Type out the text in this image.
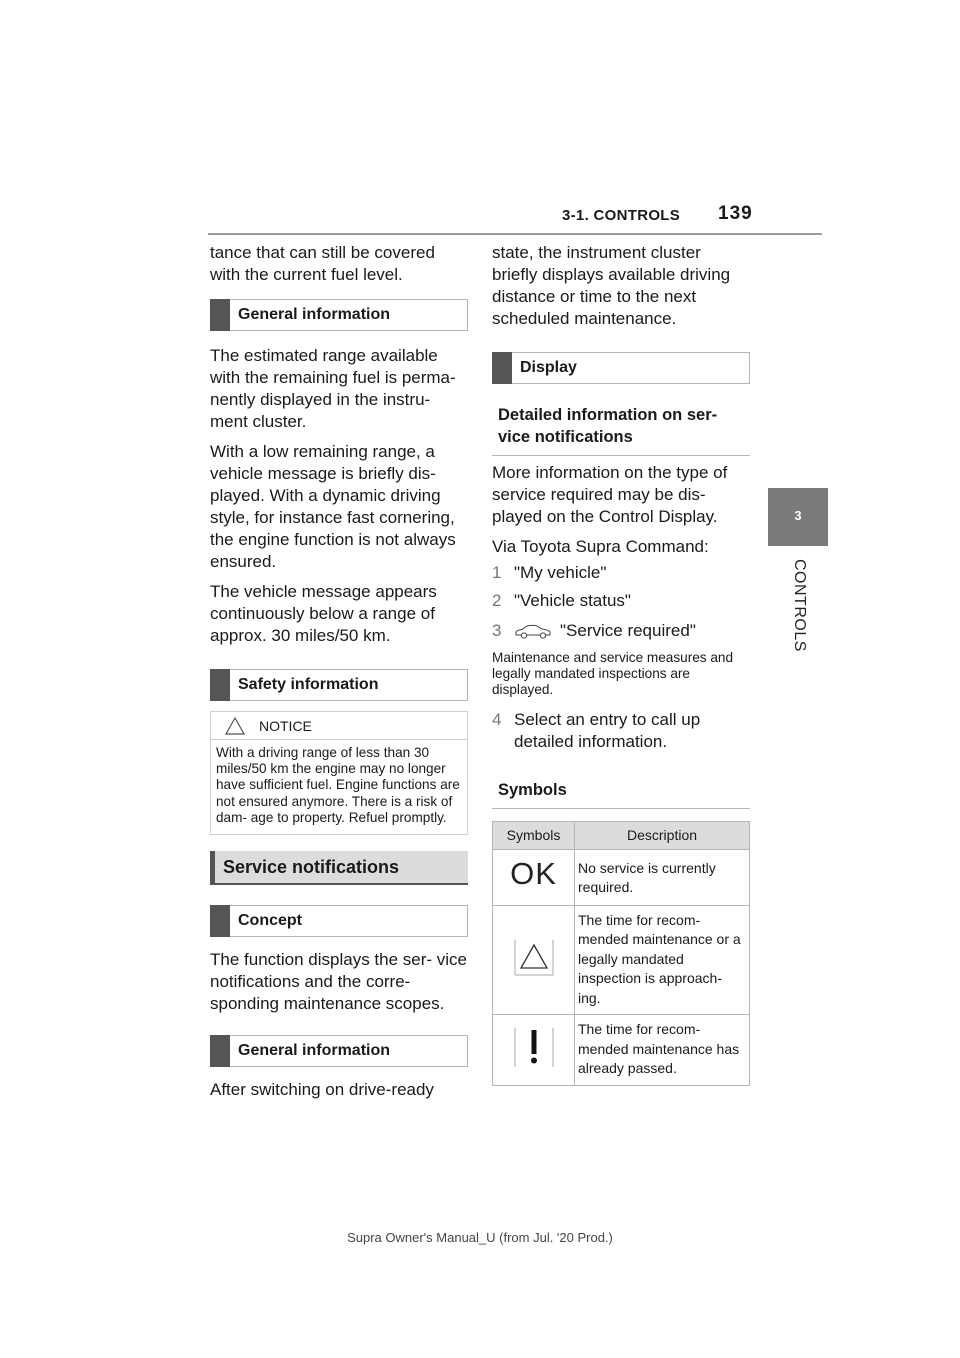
3-1. CONTROLS 139
3
CONTROLS
tance that can still be covered with the current fuel level.
General information
The estimated range available with the remaining fuel is perma- nently displayed in the instru- ment cluster.
With a low remaining range, a vehicle message is briefly dis- played. With a dynamic driving style, for instance fast cornering, the engine function is not always ensured.
The vehicle message appears continuously below a range of approx. 30 miles/50 km.
Safety information
NOTICE
With a driving range of less than 30 miles/50 km the engine may no longer have sufficient fuel. Engine functions are not ensured anymore. There is a risk of dam- age to property. Refuel promptly.
Service notifications
Concept
The function displays the ser- vice notifications and the corre- sponding maintenance scopes.
General information
After switching on drive-ready
state, the instrument cluster briefly displays available driving distance or time to the next scheduled maintenance.
Display
Detailed information on ser- vice notifications
More information on the type of service required may be dis- played on the Control Display.
Via Toyota Supra Command:
1 "My vehicle"
2 "Vehicle status"
3	"Service required"
Maintenance and service measures and legally mandated inspections are displayed.
4 Select an entry to call up detailed information.
Symbols
Symbols	Description
OK	No service is currently required.
	The time for recom- mended maintenance or a legally mandated inspection is approach- ing.
	The time for recom- mended maintenance has already passed.
Supra Owner's Manual_U (from Jul. '20 Prod.)
